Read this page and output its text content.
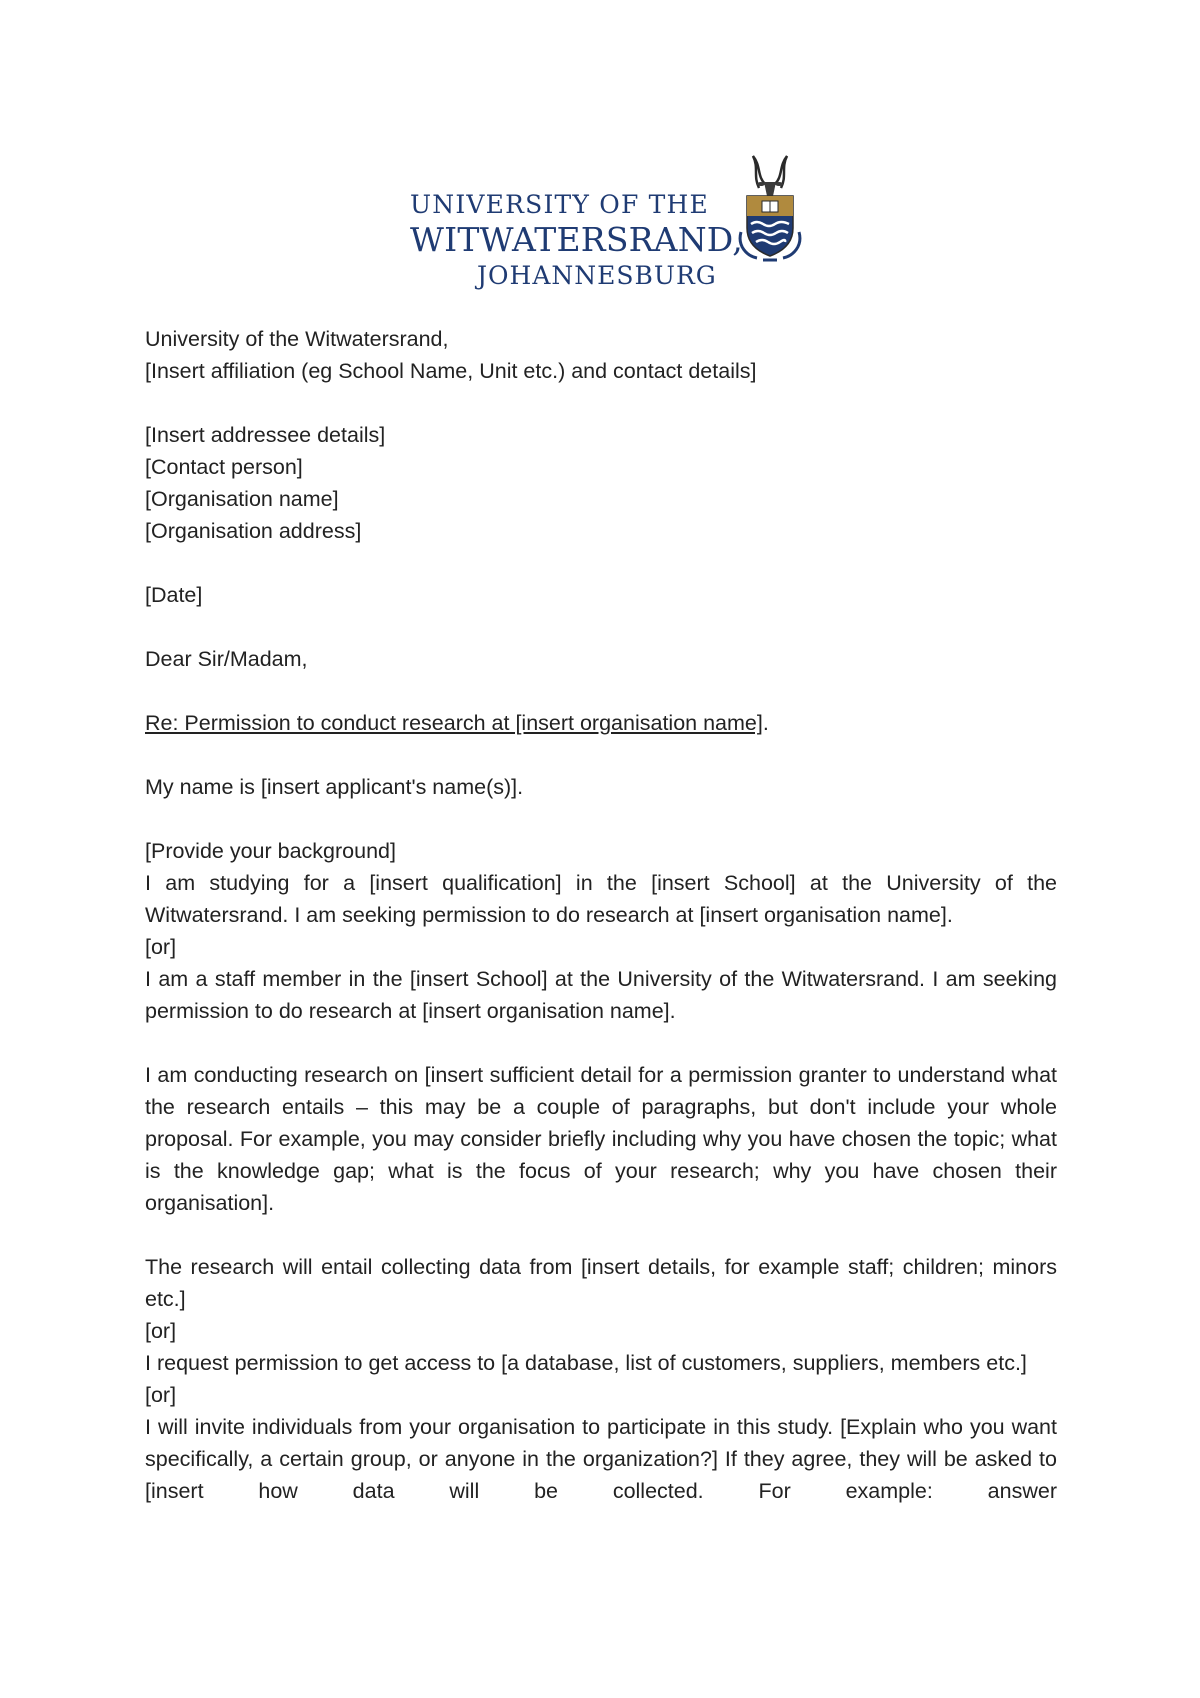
UNIVERSITY OF THE
WITWATERSRAND,
JOHANNESBURG
University of the Witwatersrand,
[Insert affiliation (eg School Name, Unit etc.) and contact details]
[Insert addressee details]
[Contact person]
[Organisation name]
[Organisation address]
[Date]
Dear Sir/Madam,
Re: Permission to conduct research at [insert organisation name].
My name is [insert applicant's name(s)].
[Provide your background]
I am studying for a [insert qualification] in the [insert School] at the University of the Witwatersrand. I am seeking permission to do research at [insert organisation name].
[or]
I am a staff member in the [insert School] at the University of the Witwatersrand. I am seeking permission to do research at [insert organisation name].
I am conducting research on [insert sufficient detail for a permission granter to understand what the research entails – this may be a couple of paragraphs, but don't include your whole proposal. For example, you may consider briefly including why you have chosen the topic; what is the knowledge gap; what is the focus of your research; why you have chosen their organisation].
The research will entail collecting data from [insert details, for example staff; children; minors etc.]
[or]
I request permission to get access to [a database, list of customers, suppliers, members etc.]
[or]
I will invite individuals from your organisation to participate in this study. [Explain who you want specifically, a certain group, or anyone in the organization?] If they agree, they will be asked to [insert how data will be collected. For example: answer
